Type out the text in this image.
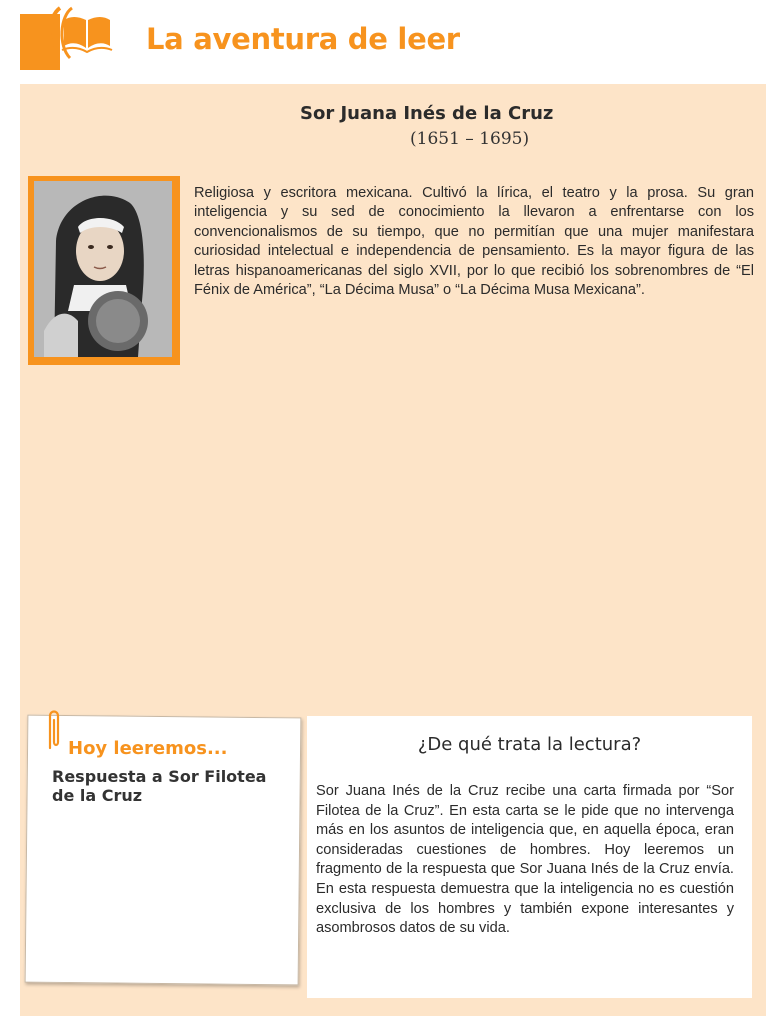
La aventura de leer
Sor Juana Inés de la Cruz
(1651 – 1695)
Religiosa y escritora mexicana. Cultivó la lírica, el teatro y la prosa. Su gran inteligencia y su sed de conocimiento la llevaron a enfrentarse con los convencionalismos de su tiempo, que no permitían que una mujer manifestara curiosidad intelectual e independencia de pensamiento. Es la mayor figura de las letras hispanoamericanas del siglo XVII, por lo que recibió los sobrenombres de “El Fénix de América”, “La Décima Musa” o “La Décima Musa Mexicana”.
Hoy leeremos...
Respuesta a Sor Filotea de la Cruz
¿De qué trata la lectura?
Sor Juana Inés de la Cruz recibe una carta firmada por “Sor Filotea de la Cruz”. En esta carta se le pide que no intervenga más en los asuntos de inteligencia que, en aquella época, eran consideradas cuestiones de hombres. Hoy leeremos un fragmento de la respuesta que Sor Juana Inés de la Cruz envía. En esta respuesta demuestra que la inteligencia no es cuestión exclusiva de los hombres y también expone interesantes y asombrosos datos de su vida.
